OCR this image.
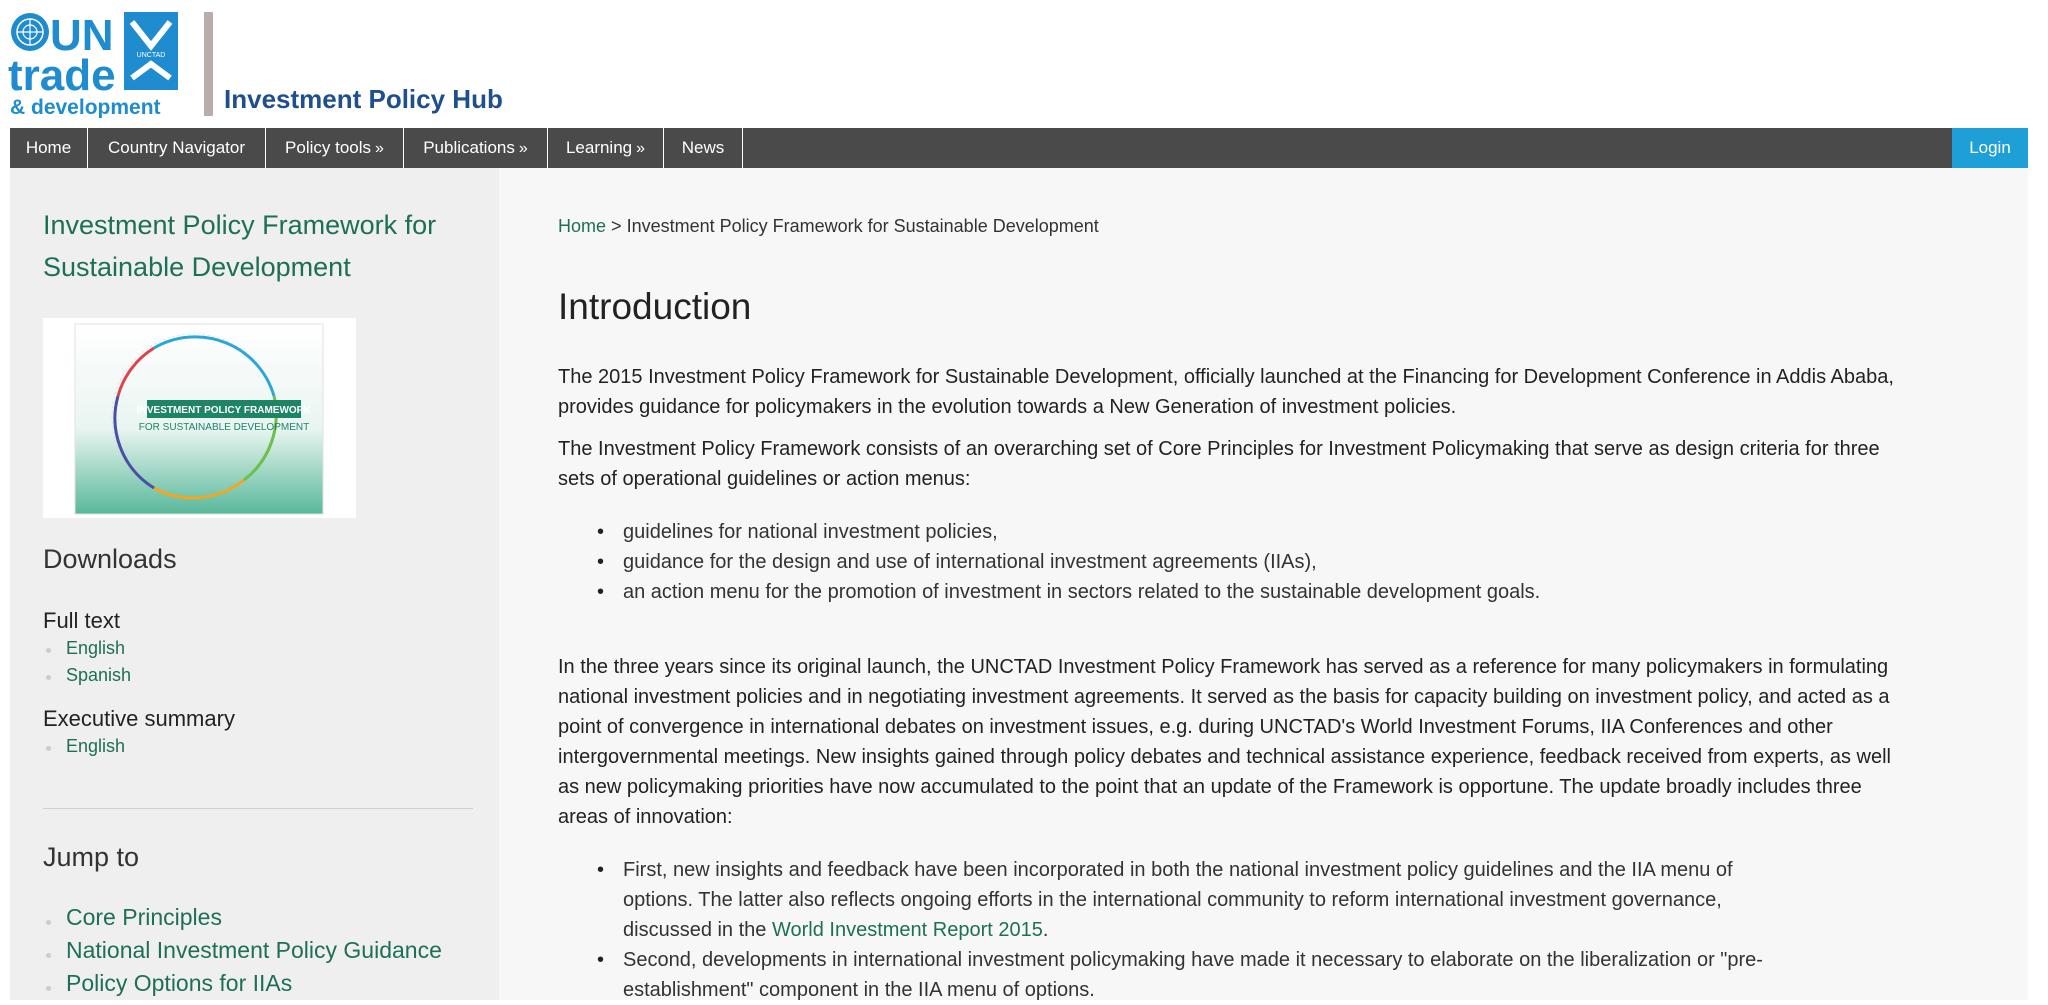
UN
trade
& development
UNCTAD
Investment Policy Hub
Home	Country Navigator	Policy tools »	Publications »	Learning »	News	Login
Investment Policy Framework for Sustainable Development
INVESTMENT POLICY FRAMEWORK
FOR SUSTAINABLE DEVELOPMENT
Downloads
Full text
English
Spanish
Executive summary
English
Jump to
Core Principles
National Investment Policy Guidance
Policy Options for IIAs
Home > Investment Policy Framework for Sustainable Development
Introduction

The 2015 Investment Policy Framework for Sustainable Development, officially launched at the Financing for Development Conference in Addis Ababa, provides guidance for policymakers in the evolution towards a New Generation of investment policies.

The Investment Policy Framework consists of an overarching set of Core Principles for Investment Policymaking that serve as design criteria for three sets of operational guidelines or action menus:

• guidelines for national investment policies,
• guidance for the design and use of international investment agreements (IIAs),
• an action menu for the promotion of investment in sectors related to the sustainable development goals.

In the three years since its original launch, the UNCTAD Investment Policy Framework has served as a reference for many policymakers in formulating national investment policies and in negotiating investment agreements. It served as the basis for capacity building on investment policy, and acted as a point of convergence in international debates on investment issues, e.g. during UNCTAD's World Investment Forums, IIA Conferences and other intergovernmental meetings. New insights gained through policy debates and technical assistance experience, feedback received from experts, as well as new policymaking priorities have now accumulated to the point that an update of the Framework is opportune. The update broadly includes three areas of innovation:

• First, new insights and feedback have been incorporated in both the national investment policy guidelines and the IIA menu of options. The latter also reflects ongoing efforts in the international community to reform international investment governance, discussed in the World Investment Report 2015.
• Second, developments in international investment policymaking have made it necessary to elaborate on the liberalization or "pre-establishment" component in the IIA menu of options.
